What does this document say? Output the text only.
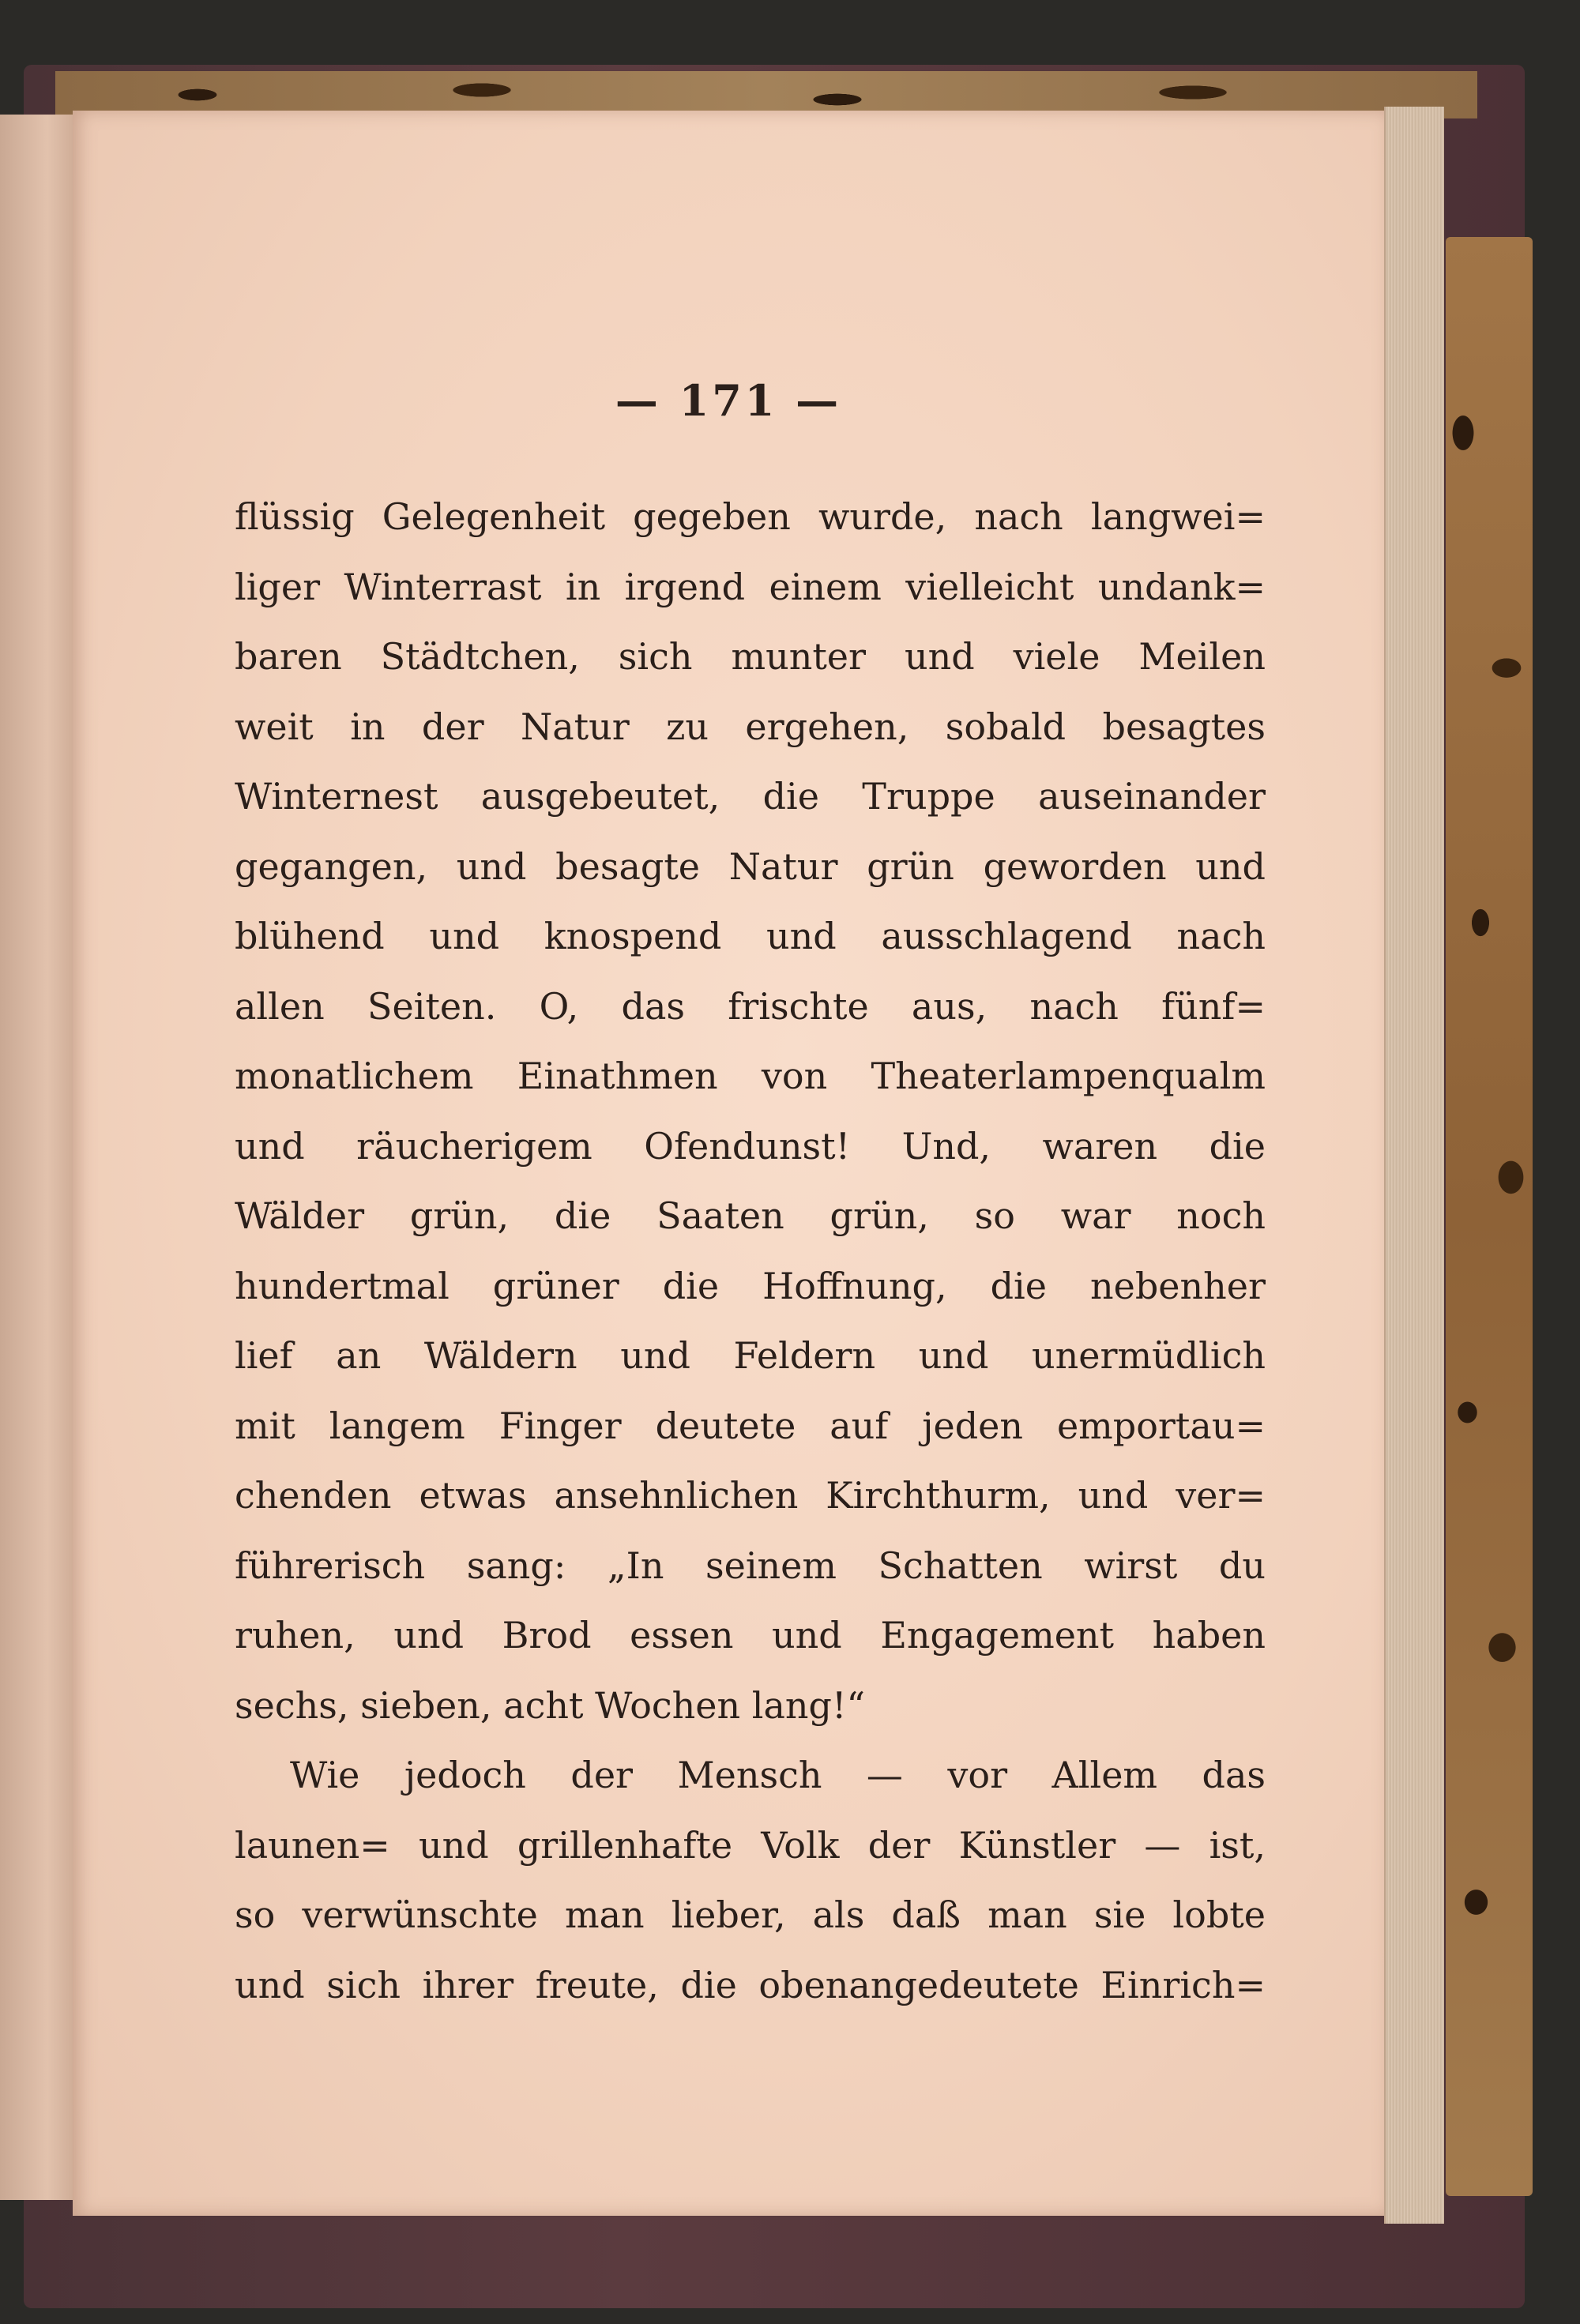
— 171 —
flüssig Gelegenheit gegeben wurde, nach langwei=
liger Winterrast in irgend einem vielleicht undank=
baren Städtchen, sich munter und viele Meilen
weit in der Natur zu ergehen, sobald besagtes
Winternest ausgebeutet, die Truppe auseinander
gegangen, und besagte Natur grün geworden und
blühend und knospend und ausschlagend nach
allen Seiten. O, das frischte aus, nach fünf=
monatlichem Einathmen von Theaterlampenqualm
und räucherigem Ofendunst! Und, waren die
Wälder grün, die Saaten grün, so war noch
hundertmal grüner die Hoffnung, die nebenher
lief an Wäldern und Feldern und unermüdlich
mit langem Finger deutete auf jeden emportau=
chenden etwas ansehnlichen Kirchthurm, und ver=
führerisch sang: „In seinem Schatten wirst du
ruhen, und Brod essen und Engagement haben
sechs, sieben, acht Wochen lang!“
Wie jedoch der Mensch — vor Allem das
launen= und grillenhafte Volk der Künstler — ist,
so verwünschte man lieber, als daß man sie lobte
und sich ihrer freute, die obenangedeutete Einrich=
